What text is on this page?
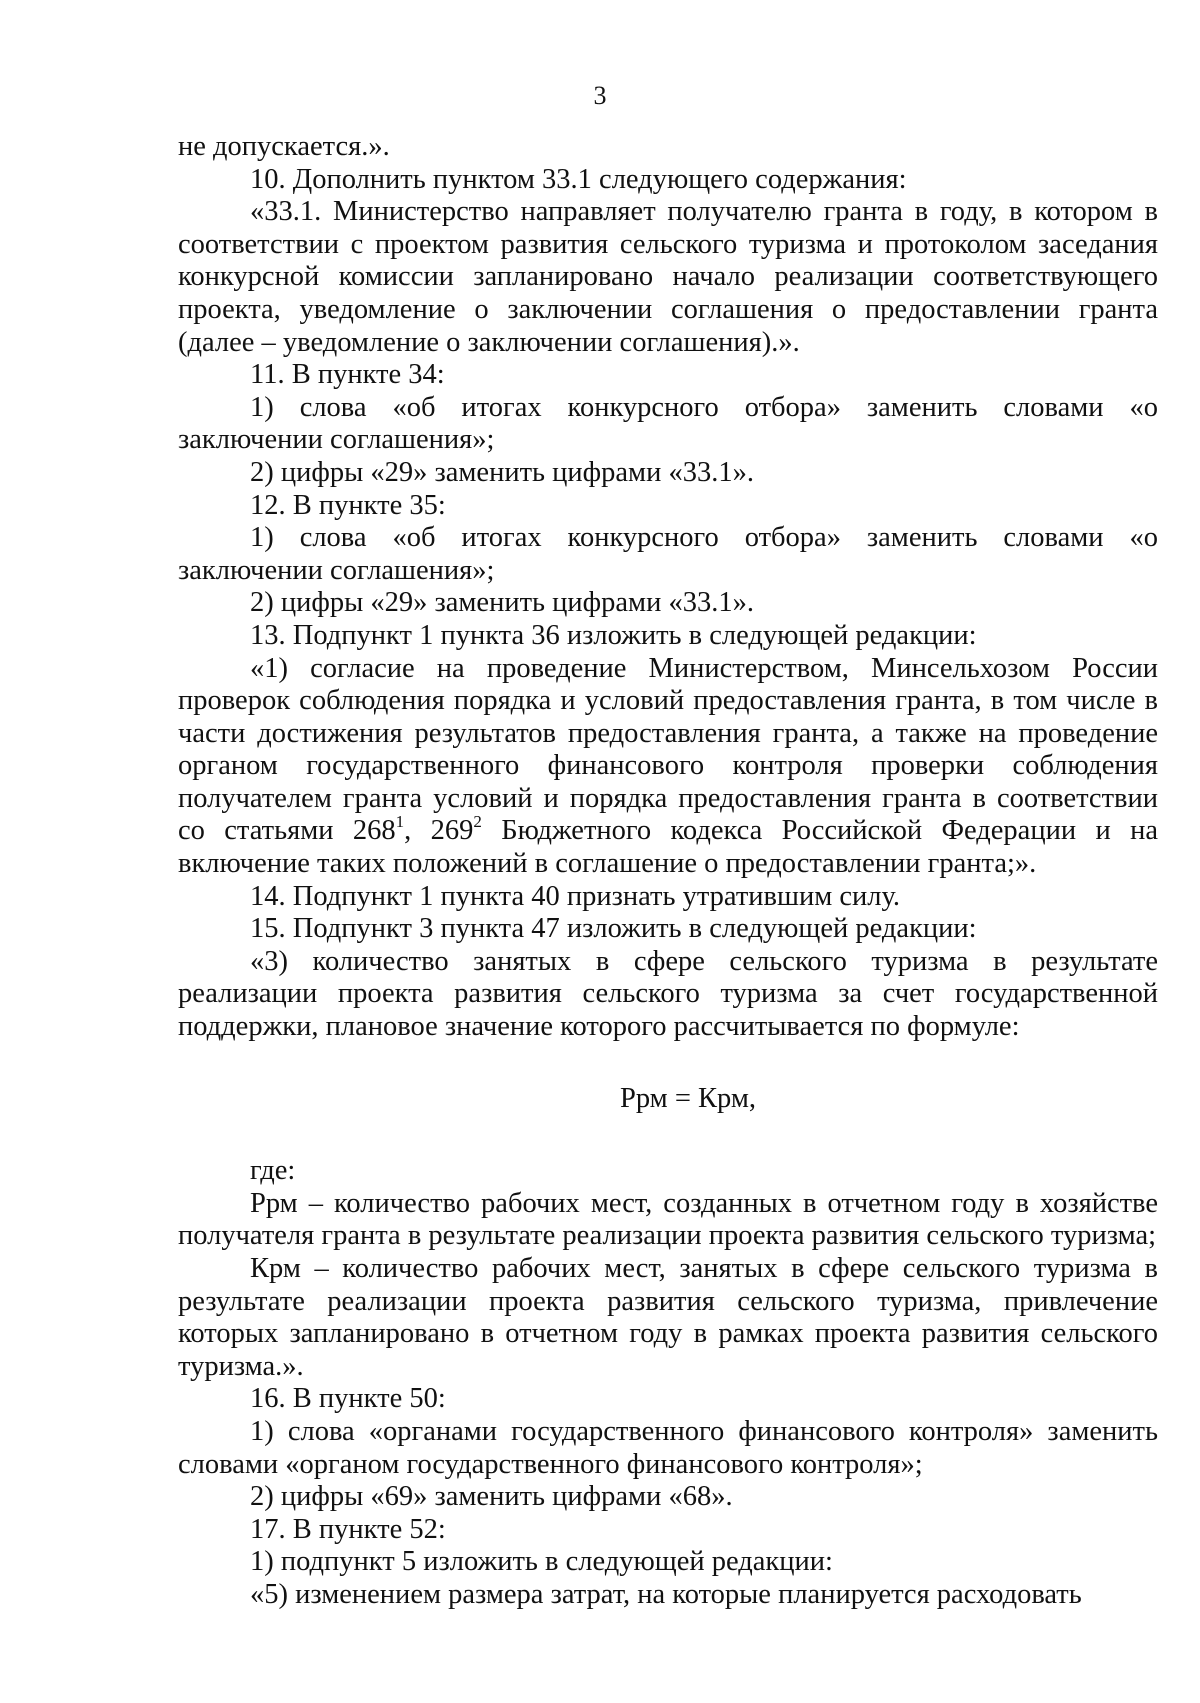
3

не допускается.».

10. Дополнить пунктом 33.1 следующего содержания:

«33.1. Министерство направляет получателю гранта в году, в котором в соответствии с проектом развития сельского туризма и протоколом заседания конкурсной комиссии запланировано начало реализации соответствующего проекта, уведомление о заключении соглашения о предоставлении гранта (далее – уведомление о заключении соглашения).».

11. В пункте 34:

1) слова «об итогах конкурсного отбора» заменить словами «о заключении соглашения»;

2) цифры «29» заменить цифрами «33.1».

12. В пункте 35:

1) слова «об итогах конкурсного отбора» заменить словами «о заключении соглашения»;

2) цифры «29» заменить цифрами «33.1».

13. Подпункт 1 пункта 36 изложить в следующей редакции:

«1) согласие на проведение Министерством, Минсельхозом России проверок соблюдения порядка и условий предоставления гранта, в том числе в части достижения результатов предоставления гранта, а также на проведение органом государственного финансового контроля проверки соблюдения получателем гранта условий и порядка предоставления гранта в соответствии со статьями $268^1$, $269^2$ Бюджетного кодекса Российской Федерации и на включение таких положений в соглашение о предоставлении гранта;».

14. Подпункт 1 пункта 40 признать утратившим силу.

15. Подпункт 3 пункта 47 изложить в следующей редакции:

«3) количество занятых в сфере сельского туризма в результате реализации проекта развития сельского туризма за счет государственной поддержки, плановое значение которого рассчитывается по формуле:

Ррм = Крм,

где:

Ррм – количество рабочих мест, созданных в отчетном году в хозяйстве получателя гранта в результате реализации проекта развития сельского туризма;

Крм – количество рабочих мест, занятых в сфере сельского туризма в результате реализации проекта развития сельского туризма, привлечение которых запланировано в отчетном году в рамках проекта развития сельского туризма.».

16. В пункте 50:

1) слова «органами государственного финансового контроля» заменить словами «органом государственного финансового контроля»;

2) цифры «69» заменить цифрами «68».

17. В пункте 52:

1) подпункт 5 изложить в следующей редакции:

«5) изменением размера затрат, на которые планируется расходовать
